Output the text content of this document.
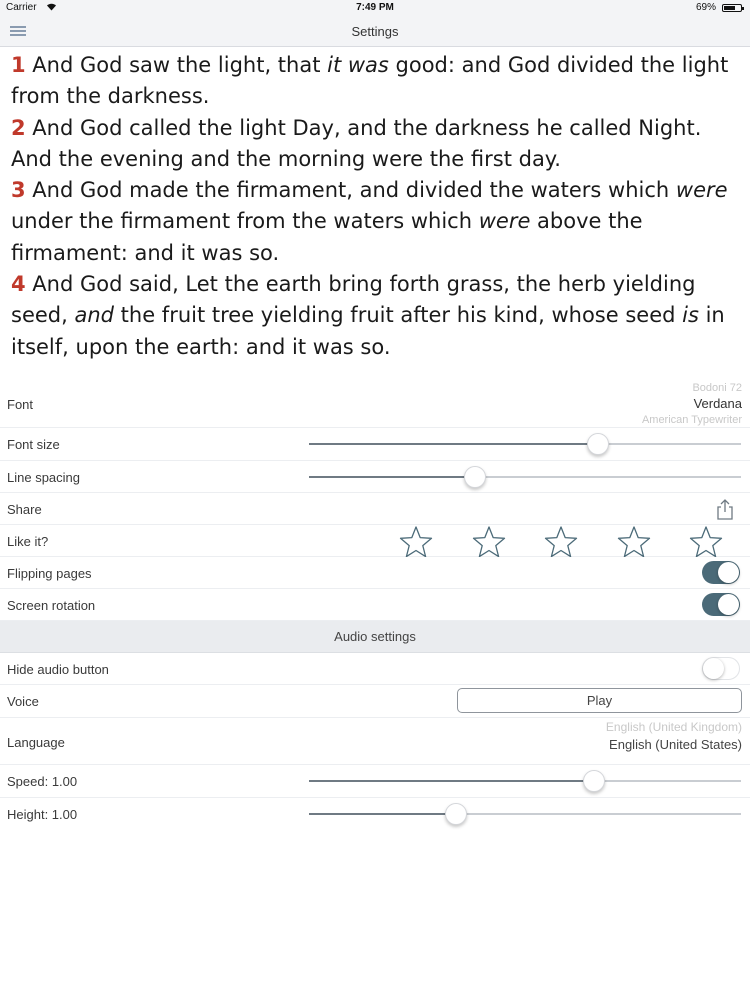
Carrier	7:49 PM	69%
Settings
1 And God saw the light, that it was good: and God divided the light from the darkness.
2 And God called the light Day, and the darkness he called Night. And the evening and the morning were the first day.
3 And God made the firmament, and divided the waters which were under the firmament from the waters which were above the firmament: and it was so.
4 And God said, Let the earth bring forth grass, the herb yielding seed, and the fruit tree yielding fruit after his kind, whose seed is in itself, upon the earth: and it was so.
Font
Bodoni 72
Verdana
American Typewriter
Font size
Line spacing
Share
Like it?
Flipping pages
Screen rotation
Audio settings
Hide audio button
Voice	Play
Language
English (United Kingdom)
English (United States)
Speed: 1.00
Height: 1.00
